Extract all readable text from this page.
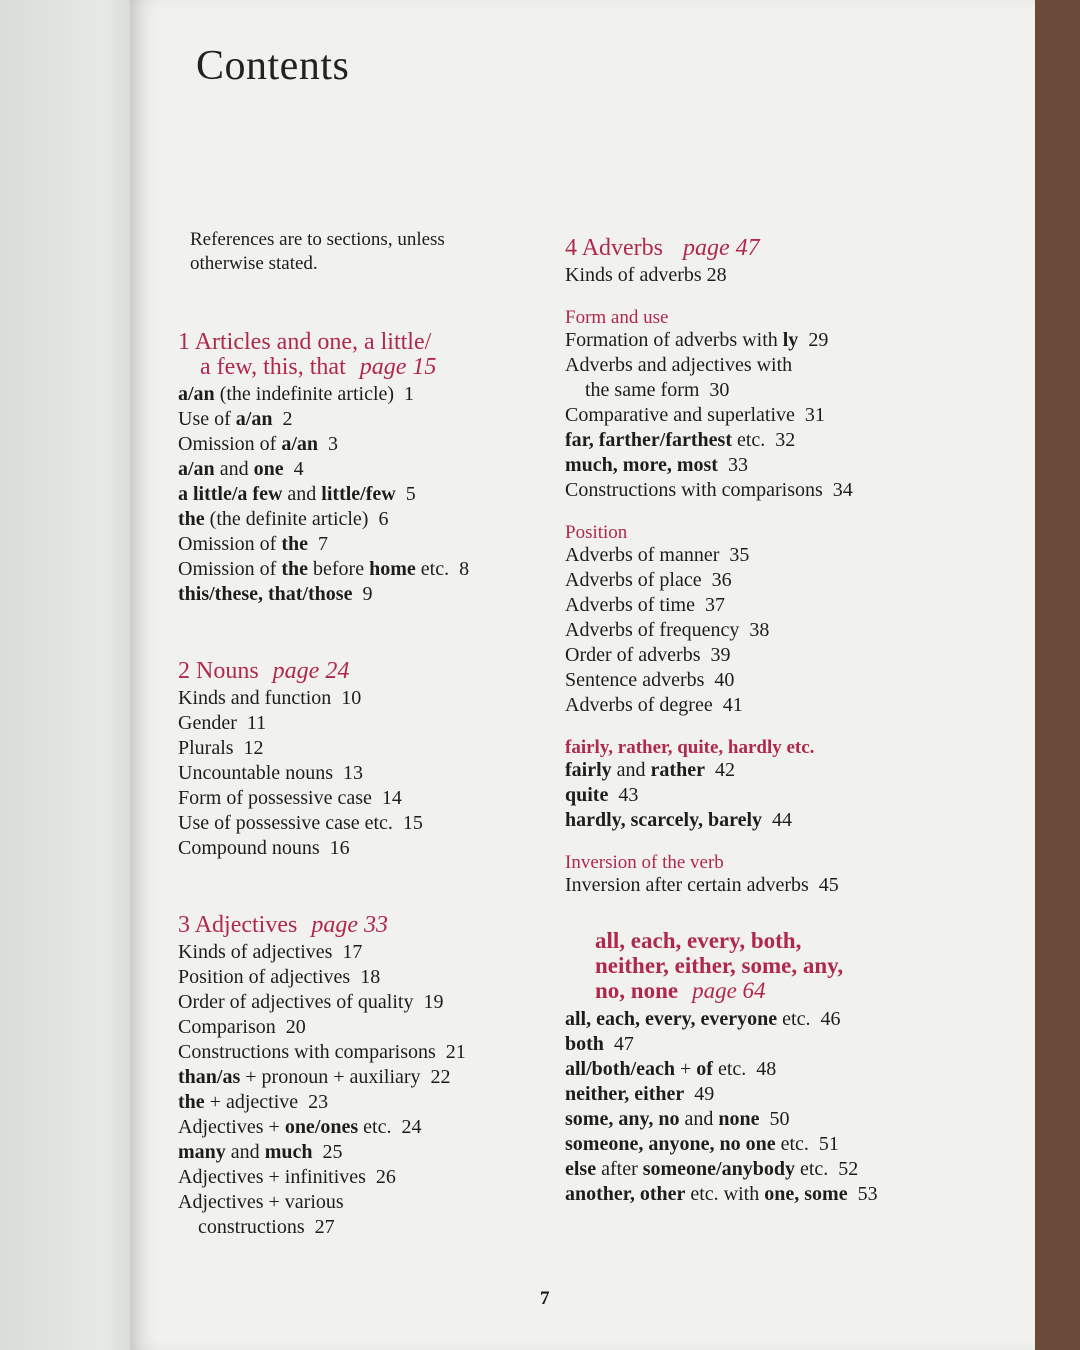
Contents
References are to sections, unless otherwise stated.
1 Articles and one, a little/
a few, this, that page 15

a/an (the indefinite article)  1

Use of a/an  2

Omission of a/an  3

a/an and one  4

a little/a few and little/few  5

the (the definite article)  6

Omission of the  7

Omission of the before home etc.  8

this/these, that/those  9

2 Nouns page 24

Kinds and function  10

Gender  11

Plurals  12

Uncountable nouns  13

Form of possessive case  14

Use of possessive case etc.  15

Compound nouns  16

3 Adjectives page 33

Kinds of adjectives  17

Position of adjectives  18

Order of adjectives of quality  19

Comparison  20

Constructions with comparisons  21

than/as + pronoun + auxiliary  22

the + adjective  23

Adjectives + one/ones etc.  24

many and much  25

Adjectives + infinitives  26

Adjectives + various

constructions  27

4 Adverbs page 47

Kinds of adverbs 28

Form and use

Formation of adverbs with ly  29

Adverbs and adjectives with

the same form  30

Comparative and superlative  31

far, farther/farthest etc.  32

much, more, most  33

Constructions with comparisons  34

Position

Adverbs of manner  35

Adverbs of place  36

Adverbs of time  37

Adverbs of frequency  38

Order of adverbs  39

Sentence adverbs  40

Adverbs of degree  41

fairly, rather, quite, hardly etc.

fairly and rather  42

quite  43

hardly, scarcely, barely  44

Inversion of the verb

Inversion after certain adverbs  45

all, each, every, both,
neither, either, some, any,
no, none page 64

all, each, every, everyone etc.  46

both  47

all/both/each + of etc.  48

neither, either  49

some, any, no and none  50

someone, anyone, no one etc.  51

else after someone/anybody etc.  52

another, other etc. with one, some  53

7
